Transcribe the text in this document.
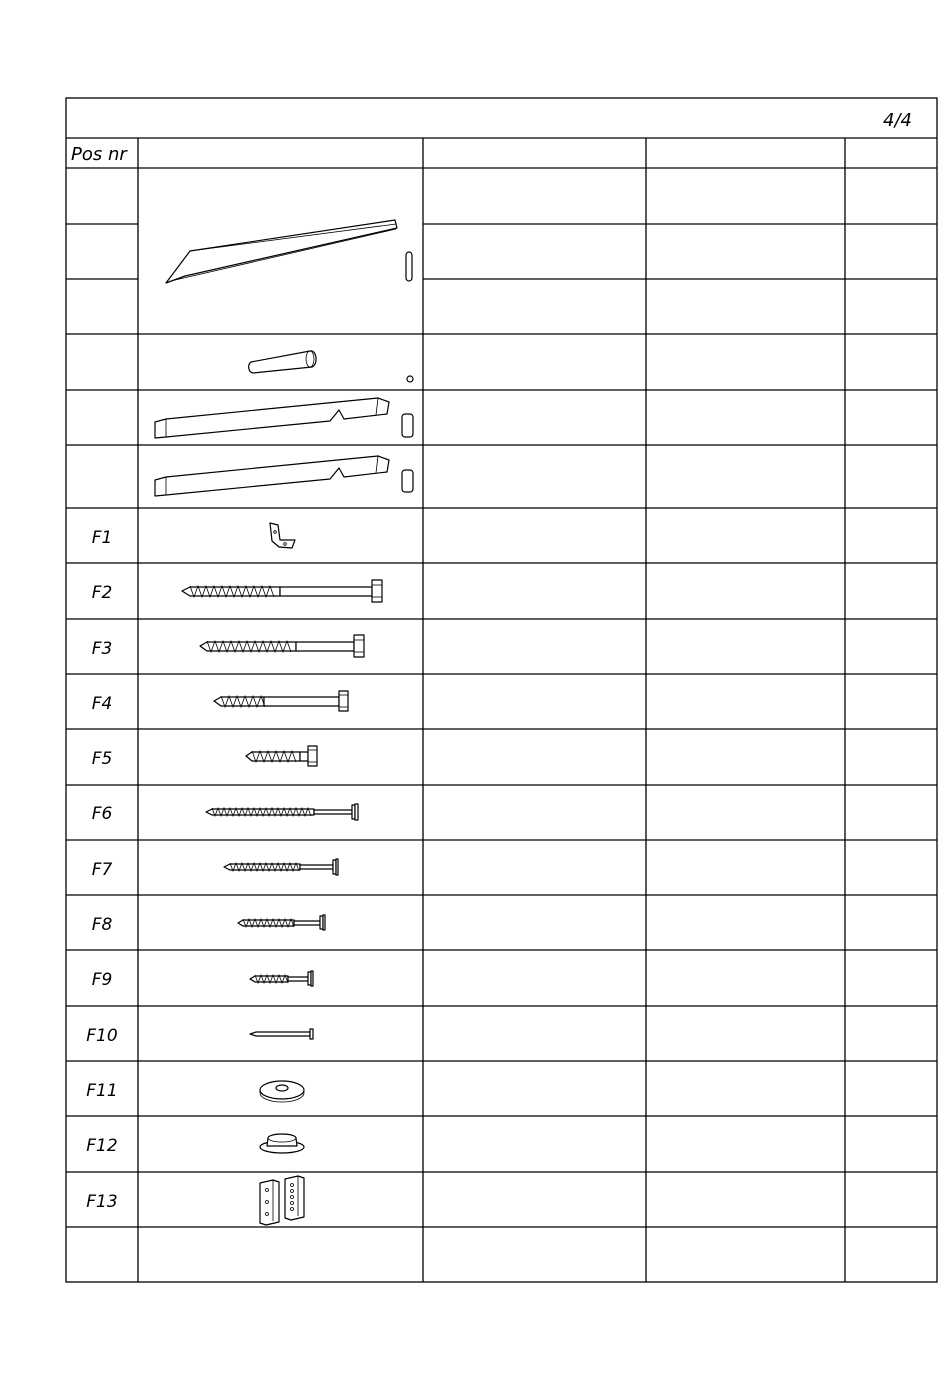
4/4
Pos nr
F1
F2
F3
F4
F5
F6
F7
F8
F9
F10
F11
F12
F13
